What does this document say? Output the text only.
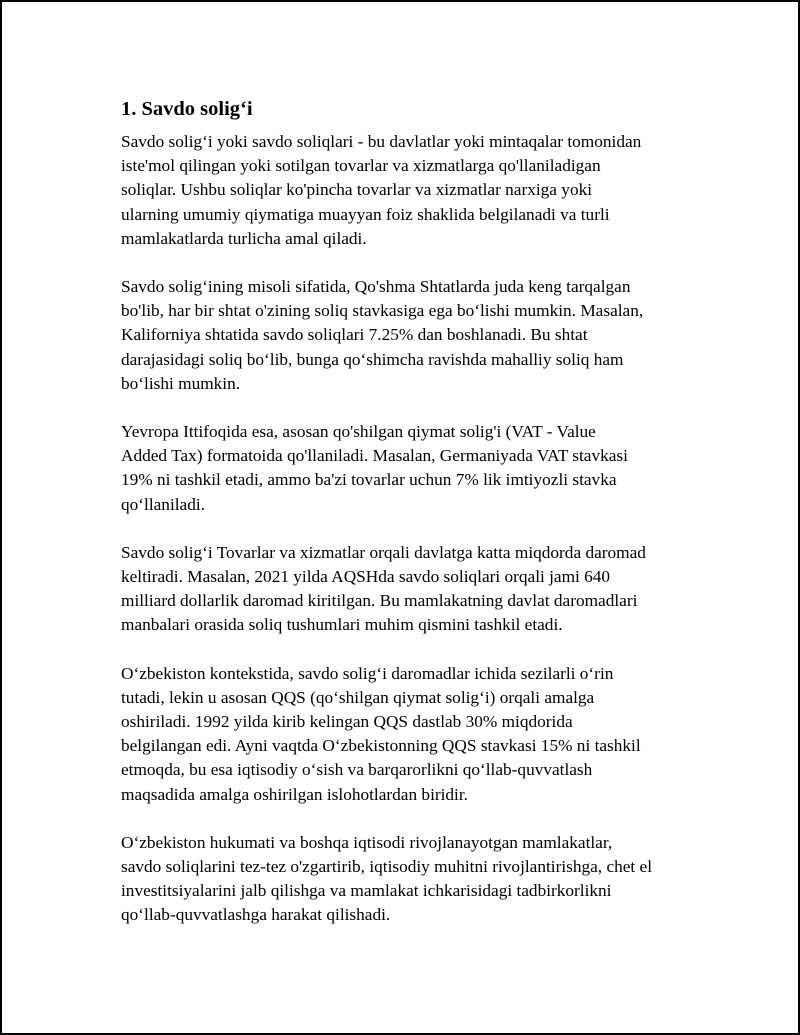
1. Savdo solig‘i

Savdo solig‘i yoki savdo soliqlari - bu davlatlar yoki mintaqalar tomonidan
iste'mol qilingan yoki sotilgan tovarlar va xizmatlarga qo'llaniladigan
soliqlar. Ushbu soliqlar ko'pincha tovarlar va xizmatlar narxiga yoki
ularning umumiy qiymatiga muayyan foiz shaklida belgilanadi va turli
mamlakatlarda turlicha amal qiladi.

Savdo solig‘ining misoli sifatida, Qo'shma Shtatlarda juda keng tarqalgan
bo'lib, har bir shtat o'zining soliq stavkasiga ega bo‘lishi mumkin. Masalan,
Kaliforniya shtatida savdo soliqlari 7.25% dan boshlanadi. Bu shtat
darajasidagi soliq bo‘lib, bunga qo‘shimcha ravishda mahalliy soliq ham
bo‘lishi mumkin.

Yevropa Ittifoqida esa, asosan qo'shilgan qiymat solig'i (VAT - Value
Added Tax) formatoida qo'llaniladi. Masalan, Germaniyada VAT stavkasi
19% ni tashkil etadi, ammo ba'zi tovarlar uchun 7% lik imtiyozli stavka
qo‘llaniladi.

Savdo solig‘i Tovarlar va xizmatlar orqali davlatga katta miqdorda daromad
keltiradi. Masalan, 2021 yilda AQSHda savdo soliqlari orqali jami 640
milliard dollarlik daromad kiritilgan. Bu mamlakatning davlat daromadlari
manbalari orasida soliq tushumlari muhim qismini tashkil etadi.

O‘zbekiston kontekstida, savdo solig‘i daromadlar ichida sezilarli o‘rin
tutadi, lekin u asosan QQS (qo‘shilgan qiymat solig‘i) orqali amalga
oshiriladi. 1992 yilda kirib kelingan QQS dastlab 30% miqdorida
belgilangan edi. Ayni vaqtda O‘zbekistonning QQS stavkasi 15% ni tashkil
etmoqda, bu esa iqtisodiy o‘sish va barqarorlikni qo‘llab-quvvatlash
maqsadida amalga oshirilgan islohotlardan biridir.

O‘zbekiston hukumati va boshqa iqtisodi rivojlanayotgan mamlakatlar,
savdo soliqlarini tez-tez o'zgartirib, iqtisodiy muhitni rivojlantirishga, chet el
investitsiyalarini jalb qilishga va mamlakat ichkarisidagi tadbirkorlikni
qo‘llab-quvvatlashga harakat qilishadi.
